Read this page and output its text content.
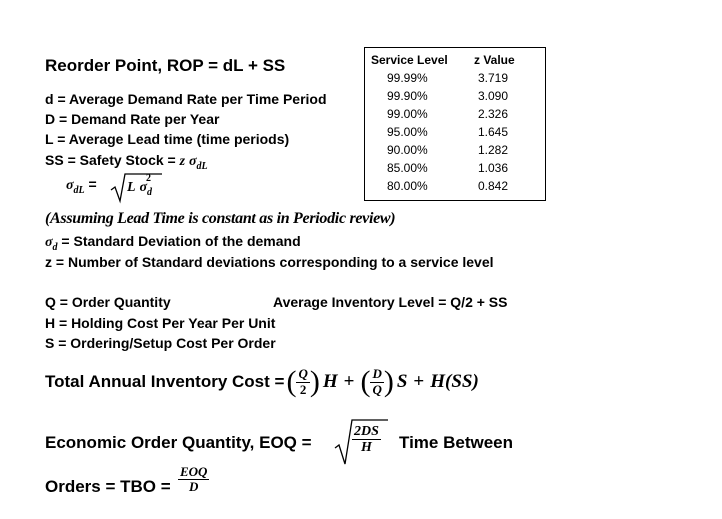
Reorder Point, ROP = dL + SS
d = Average Demand Rate per Time Period
D = Demand Rate per Year
L = Average Lead time (time periods)
SS = Safety Stock = z $\sigma_{dL}$
$\sigma_{dL} = L$ $\sigma_d^2$
(Assuming Lead Time is constant as in Periodic review)
$\sigma_d$ = Standard Deviation of the demand
z = Number of Standard deviations corresponding to a service level
Service Level z Value
99.99%	3.719
99.90%	3.090
99.00%	2.326
95.00%	1.645
90.00%	1.282
85.00%	1.036
80.00%	0.842
Q = Order Quantity	Average Inventory Level = Q/2 + SS
H = Holding Cost Per Year Per Unit
S = Ordering/Setup Cost Per Order
Total Annual Inventory Cost = ( $\frac{Q}{2}$ ) H + ( $\frac{D}{Q}$ ) S + H(SS)
Economic Order Quantity, EOQ =	$\frac{2DS}{H}$ Time Between
Orders = TBO = $\frac{\text{EOQ}}{D}$
